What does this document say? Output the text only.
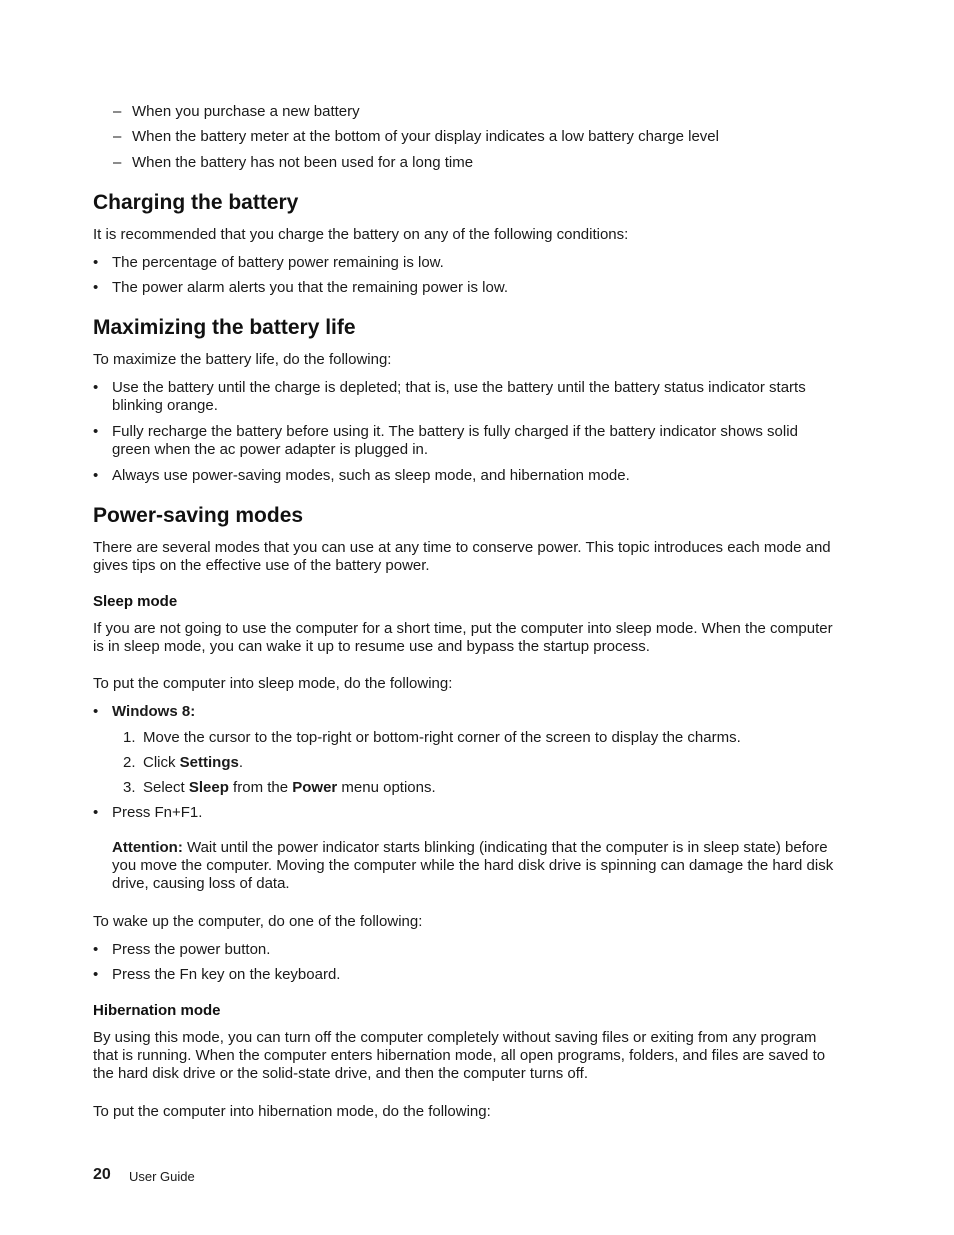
– When you purchase a new battery
– When the battery meter at the bottom of your display indicates a low battery charge level
– When the battery has not been used for a long time
Charging the battery

It is recommended that you charge the battery on any of the following conditions:

• The percentage of battery power remaining is low.
• The power alarm alerts you that the remaining power is low.
Maximizing the battery life

To maximize the battery life, do the following:

• Use the battery until the charge is depleted; that is, use the battery until the battery status indicator starts blinking orange.
• Fully recharge the battery before using it. The battery is fully charged if the battery indicator shows solid green when the ac power adapter is plugged in.
• Always use power-saving modes, such as sleep mode, and hibernation mode.
Power-saving modes

There are several modes that you can use at any time to conserve power. This topic introduces each mode and gives tips on the effective use of the battery power.

Sleep mode

If you are not going to use the computer for a short time, put the computer into sleep mode. When the computer is in sleep mode, you can wake it up to resume use and bypass the startup process.

To put the computer into sleep mode, do the following:

• Windows 8:
1. Move the cursor to the top-right or bottom-right corner of the screen to display the charms.
2. Click Settings.
3. Select Sleep from the Power menu options.
• Press Fn+F1.

Attention: Wait until the power indicator starts blinking (indicating that the computer is in sleep state) before you move the computer. Moving the computer while the hard disk drive is spinning can damage the hard disk drive, causing loss of data.

To wake up the computer, do one of the following:

• Press the power button.
• Press the Fn key on the keyboard.
Hibernation mode

By using this mode, you can turn off the computer completely without saving files or exiting from any program that is running. When the computer enters hibernation mode, all open programs, folders, and files are saved to the hard disk drive or the solid-state drive, and then the computer turns off.

To put the computer into hibernation mode, do the following:

20 User Guide
